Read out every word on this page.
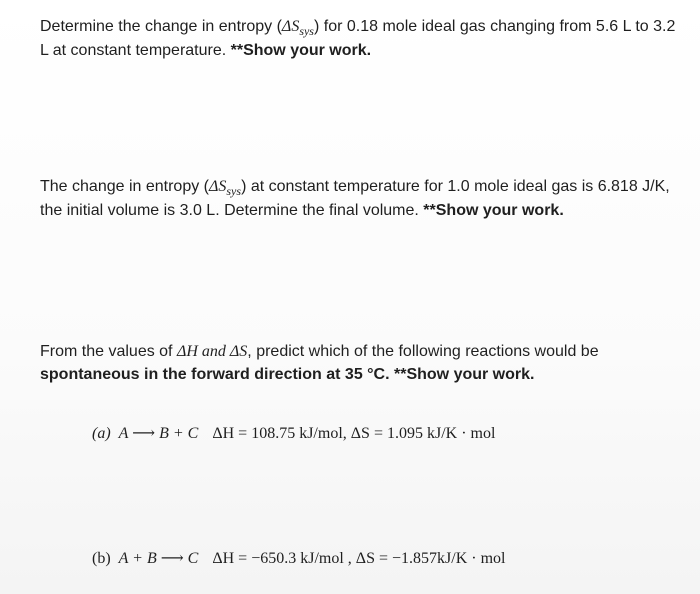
Determine the change in entropy $(\Delta S_{sys})$ for 0.18 mole ideal gas changing from 5.6 L to 3.2 L at constant temperature. **Show your work.
The change in entropy $(\Delta S_{sys})$ at constant temperature for 1.0 mole ideal gas is 6.818 J/K, the initial volume is 3.0 L. Determine the final volume. **Show your work.
From the values of ΔH and ΔS, predict which of the following reactions would be spontaneous in the forward direction at 35 °C. **Show your work.
(a) A ⟶ B + C ΔH = 108.75 kJ/mol, ΔS = 1.095 kJ/K · mol
(b) A + B ⟶ C ΔH = −650.3 kJ/mol , ΔS = −1.857kJ/K · mol
